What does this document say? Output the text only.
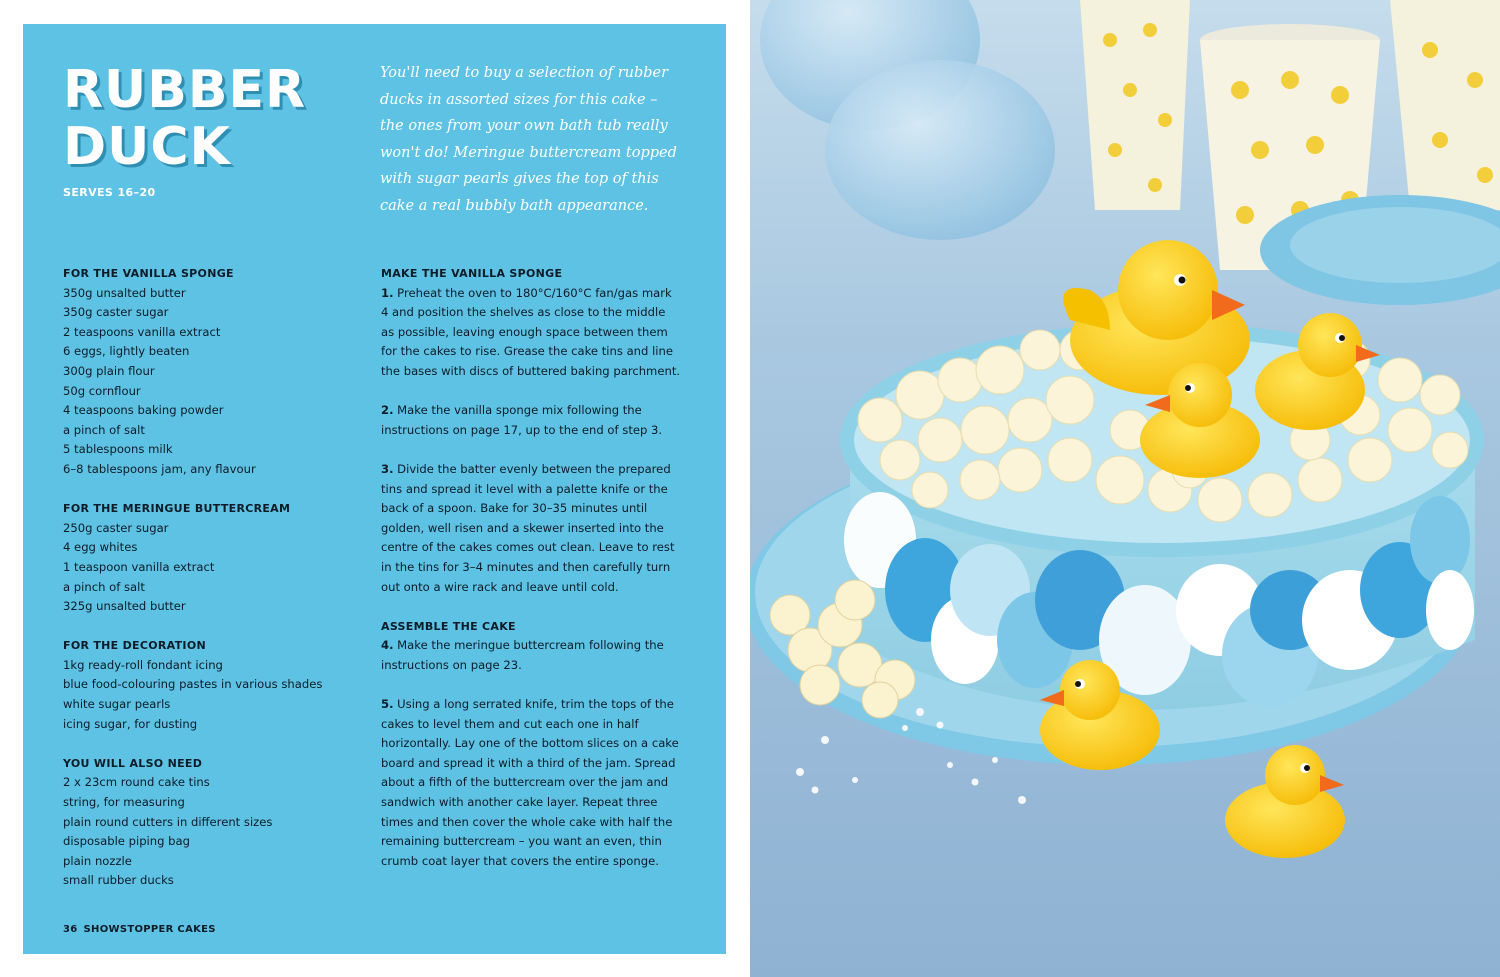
RUBBER
DUCK
SERVES 16–20
You'll need to buy a selection of rubber ducks in assorted sizes for this cake – the ones from your own bath tub really won't do! Meringue buttercream topped with sugar pearls gives the top of this cake a real bubbly bath appearance.
FOR THE VANILLA SPONGE
350g unsalted butter
350g caster sugar
2 teaspoons vanilla extract
6 eggs, lightly beaten
300g plain flour
50g cornflour
4 teaspoons baking powder
a pinch of salt
5 tablespoons milk
6–8 tablespoons jam, any flavour
FOR THE MERINGUE BUTTERCREAM
250g caster sugar
4 egg whites
1 teaspoon vanilla extract
a pinch of salt
325g unsalted butter
FOR THE DECORATION
1kg ready-roll fondant icing
blue food-colouring pastes in various shades
white sugar pearls
icing sugar, for dusting
YOU WILL ALSO NEED
2 x 23cm round cake tins
string, for measuring
plain round cutters in different sizes
disposable piping bag
plain nozzle
small rubber ducks
MAKE THE VANILLA SPONGE
1. Preheat the oven to 180°C/160°C fan/gas mark 4 and position the shelves as close to the middle as possible, leaving enough space between them for the cakes to rise. Grease the cake tins and line the bases with discs of buttered baking parchment.
2. Make the vanilla sponge mix following the instructions on page 17, up to the end of step 3.
3. Divide the batter evenly between the prepared tins and spread it level with a palette knife or the back of a spoon. Bake for 30–35 minutes until golden, well risen and a skewer inserted into the centre of the cakes comes out clean. Leave to rest in the tins for 3–4 minutes and then carefully turn out onto a wire rack and leave until cold.
ASSEMBLE THE CAKE
4. Make the meringue buttercream following the instructions on page 23.
5. Using a long serrated knife, trim the tops of the cakes to level them and cut each one in half horizontally. Lay one of the bottom slices on a cake board and spread it with a third of the jam. Spread about a fifth of the buttercream over the jam and sandwich with another cake layer. Repeat three times and then cover the whole cake with half the remaining buttercream – you want an even, thin crumb coat layer that covers the entire sponge.
36 SHOWSTOPPER CAKES
